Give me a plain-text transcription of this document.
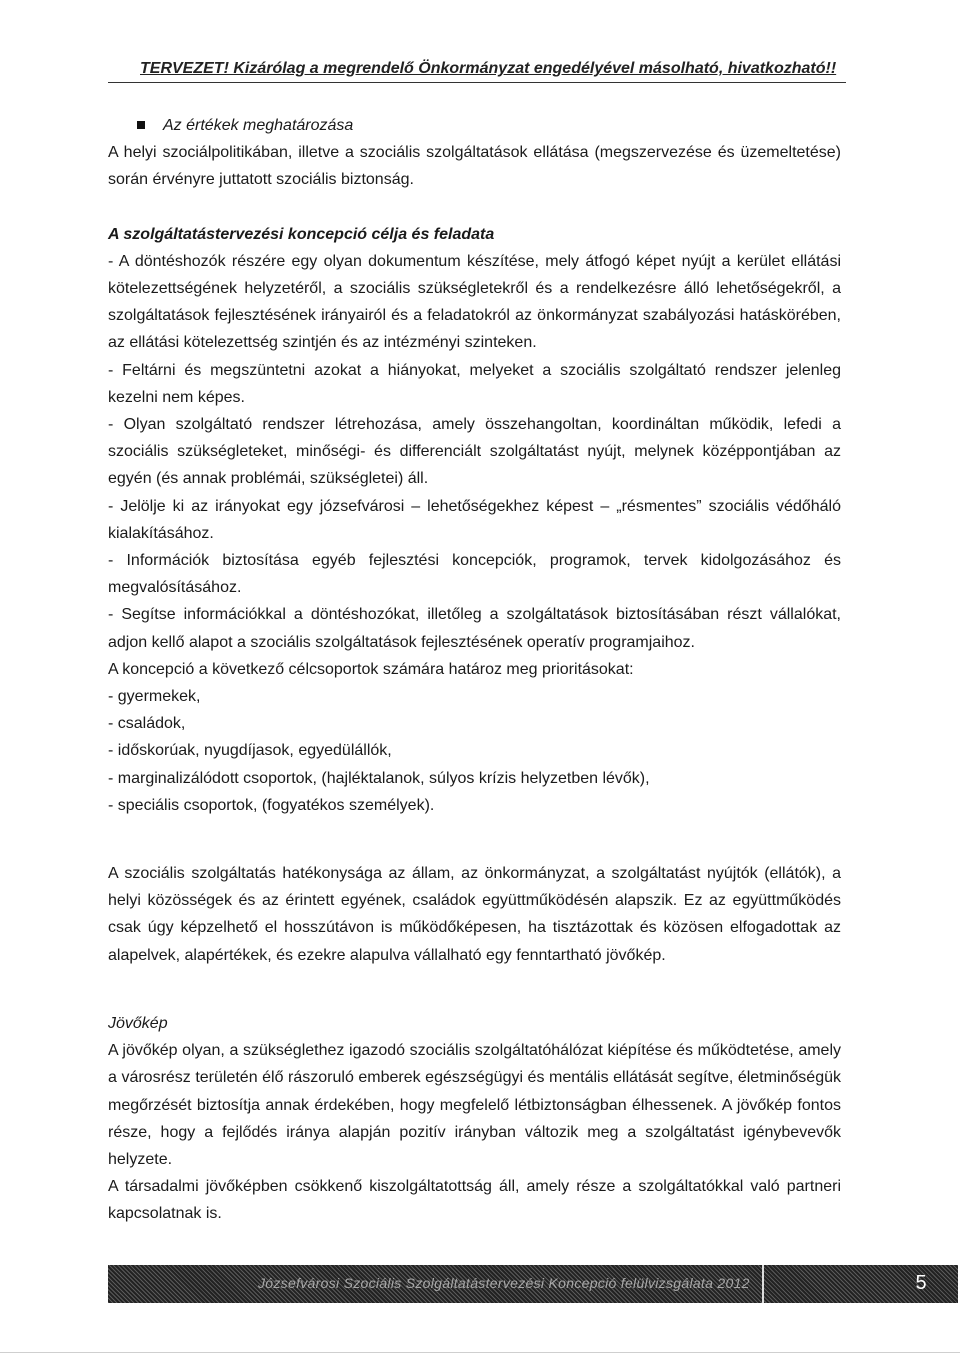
TERVEZET! Kizárólag a megrendelő Önkormányzat engedélyével másolható, hivatkozható!!

Az értékek meghatározása

A helyi szociálpolitikában, illetve a szociális szolgáltatások ellátása (megszervezése és üzemeltetése) során érvényre juttatott szociális biztonság.

A szolgáltatástervezési koncepció célja és feladata

- A döntéshozók részére egy olyan dokumentum készítése, mely átfogó képet nyújt a kerület ellátási kötelezettségének helyzetéről, a szociális szükségletekről és a rendelkezésre álló lehetőségekről, a szolgáltatások fejlesztésének irányairól és a feladatokról az önkormányzat szabályozási hatáskörében, az ellátási kötelezettség szintjén és az intézményi szinteken.

- Feltárni és megszüntetni azokat a hiányokat, melyeket a szociális szolgáltató rendszer jelenleg kezelni nem képes.

- Olyan szolgáltató rendszer létrehozása, amely összehangoltan, koordináltan működik, lefedi a szociális szükségleteket, minőségi- és differenciált szolgáltatást nyújt, melynek középpontjában az egyén (és annak problémái, szükségletei) áll.

- Jelölje ki az irányokat egy józsefvárosi – lehetőségekhez képest – „résmentes” szociális védőháló kialakításához.

- Információk biztosítása egyéb fejlesztési koncepciók, programok, tervek kidolgozásához és megvalósításához.

- Segítse információkkal a döntéshozókat, illetőleg a szolgáltatások biztosításában részt vállalókat, adjon kellő alapot a szociális szolgáltatások fejlesztésének operatív programjaihoz.

A koncepció a következő célcsoportok számára határoz meg prioritásokat:

- gyermekek,

- családok,

- időskorúak, nyugdíjasok, egyedülállók,

- marginalizálódott csoportok, (hajléktalanok, súlyos krízis helyzetben lévők),

- speciális csoportok, (fogyatékos személyek).

A szociális szolgáltatás hatékonysága az állam, az önkormányzat, a szolgáltatást nyújtók (ellátók), a helyi közösségek és az érintett egyének, családok együttműködésén alapszik. Ez az együttműködés csak úgy képzelhető el hosszútávon is működőképesen, ha tisztázottak és közösen elfogadottak az alapelvek, alapértékek, és ezekre alapulva vállalható egy fenntartható jövőkép.

Jövőkép

A jövőkép olyan, a szükséglethez igazodó szociális szolgáltatóhálózat kiépítése és működtetése, amely a városrész területén élő rászoruló emberek egészségügyi és mentális ellátását segítve, életminőségük megőrzését biztosítja annak érdekében, hogy megfelelő létbiztonságban élhessenek. A jövőkép fontos része, hogy a fejlődés iránya alapján pozitív irányban változik meg a szolgáltatást igénybevevők helyzete.

A társadalmi jövőképben csökkenő kiszolgáltatottság áll, amely része a szolgáltatókkal való partneri kapcsolatnak is.

Józsefvárosi Szociális Szolgáltatástervezési Koncepció felülvizsgálata 2012	5
